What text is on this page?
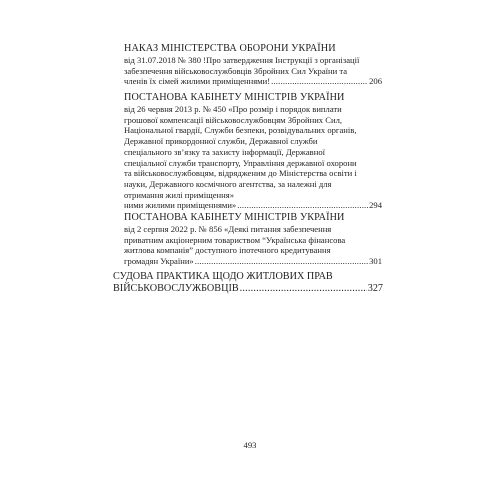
НАКАЗ МІНІСТЕРСТВА ОБОРОНИ УКРАЇНИ
від 31.07.2018 № 380 !Про затвердження Інструкції з організації
забезпечення військовослужбовців Збройних Сил України та
членів їх сімей жилими приміщеннями! .....	206
ПОСТАНОВА КАБІНЕТУ МІНІСТРІВ УКРАЇНИ
від 26 червня 2013 р. № 450 «Про розмір і порядок виплати
грошової компенсації військовослужбовцям Збройних Сил,
Національної гвардії, Служби безпеки, розвідувальних органів,
Державної прикордонної служби, Державної служби
спеціального зв’язку та захисту інформації, Державної
спеціальної служби транспорту, Управління державної охорони
та військовослужбовцям, відрядженим до Міністерства освіти і
науки, Державного космічного агентства, за належні для
отримання жилі приміщення»
ними жилими приміщеннями» .....	294
ПОСТАНОВА КАБІНЕТУ МІНІСТРІВ УКРАЇНИ
від 2 серпня 2022 р. № 856 «Деякі питання забезпечення
приватним акціонерним товариством “Українська фінансова
житлова компанія” доступного іпотечного кредитування
громадян України» .....	301
СУДОВА ПРАКТИКА ЩОДО ЖИТЛОВИХ ПРАВ
ВІЙСЬКОВОСЛУЖБОВЦІВ .....	327
493
